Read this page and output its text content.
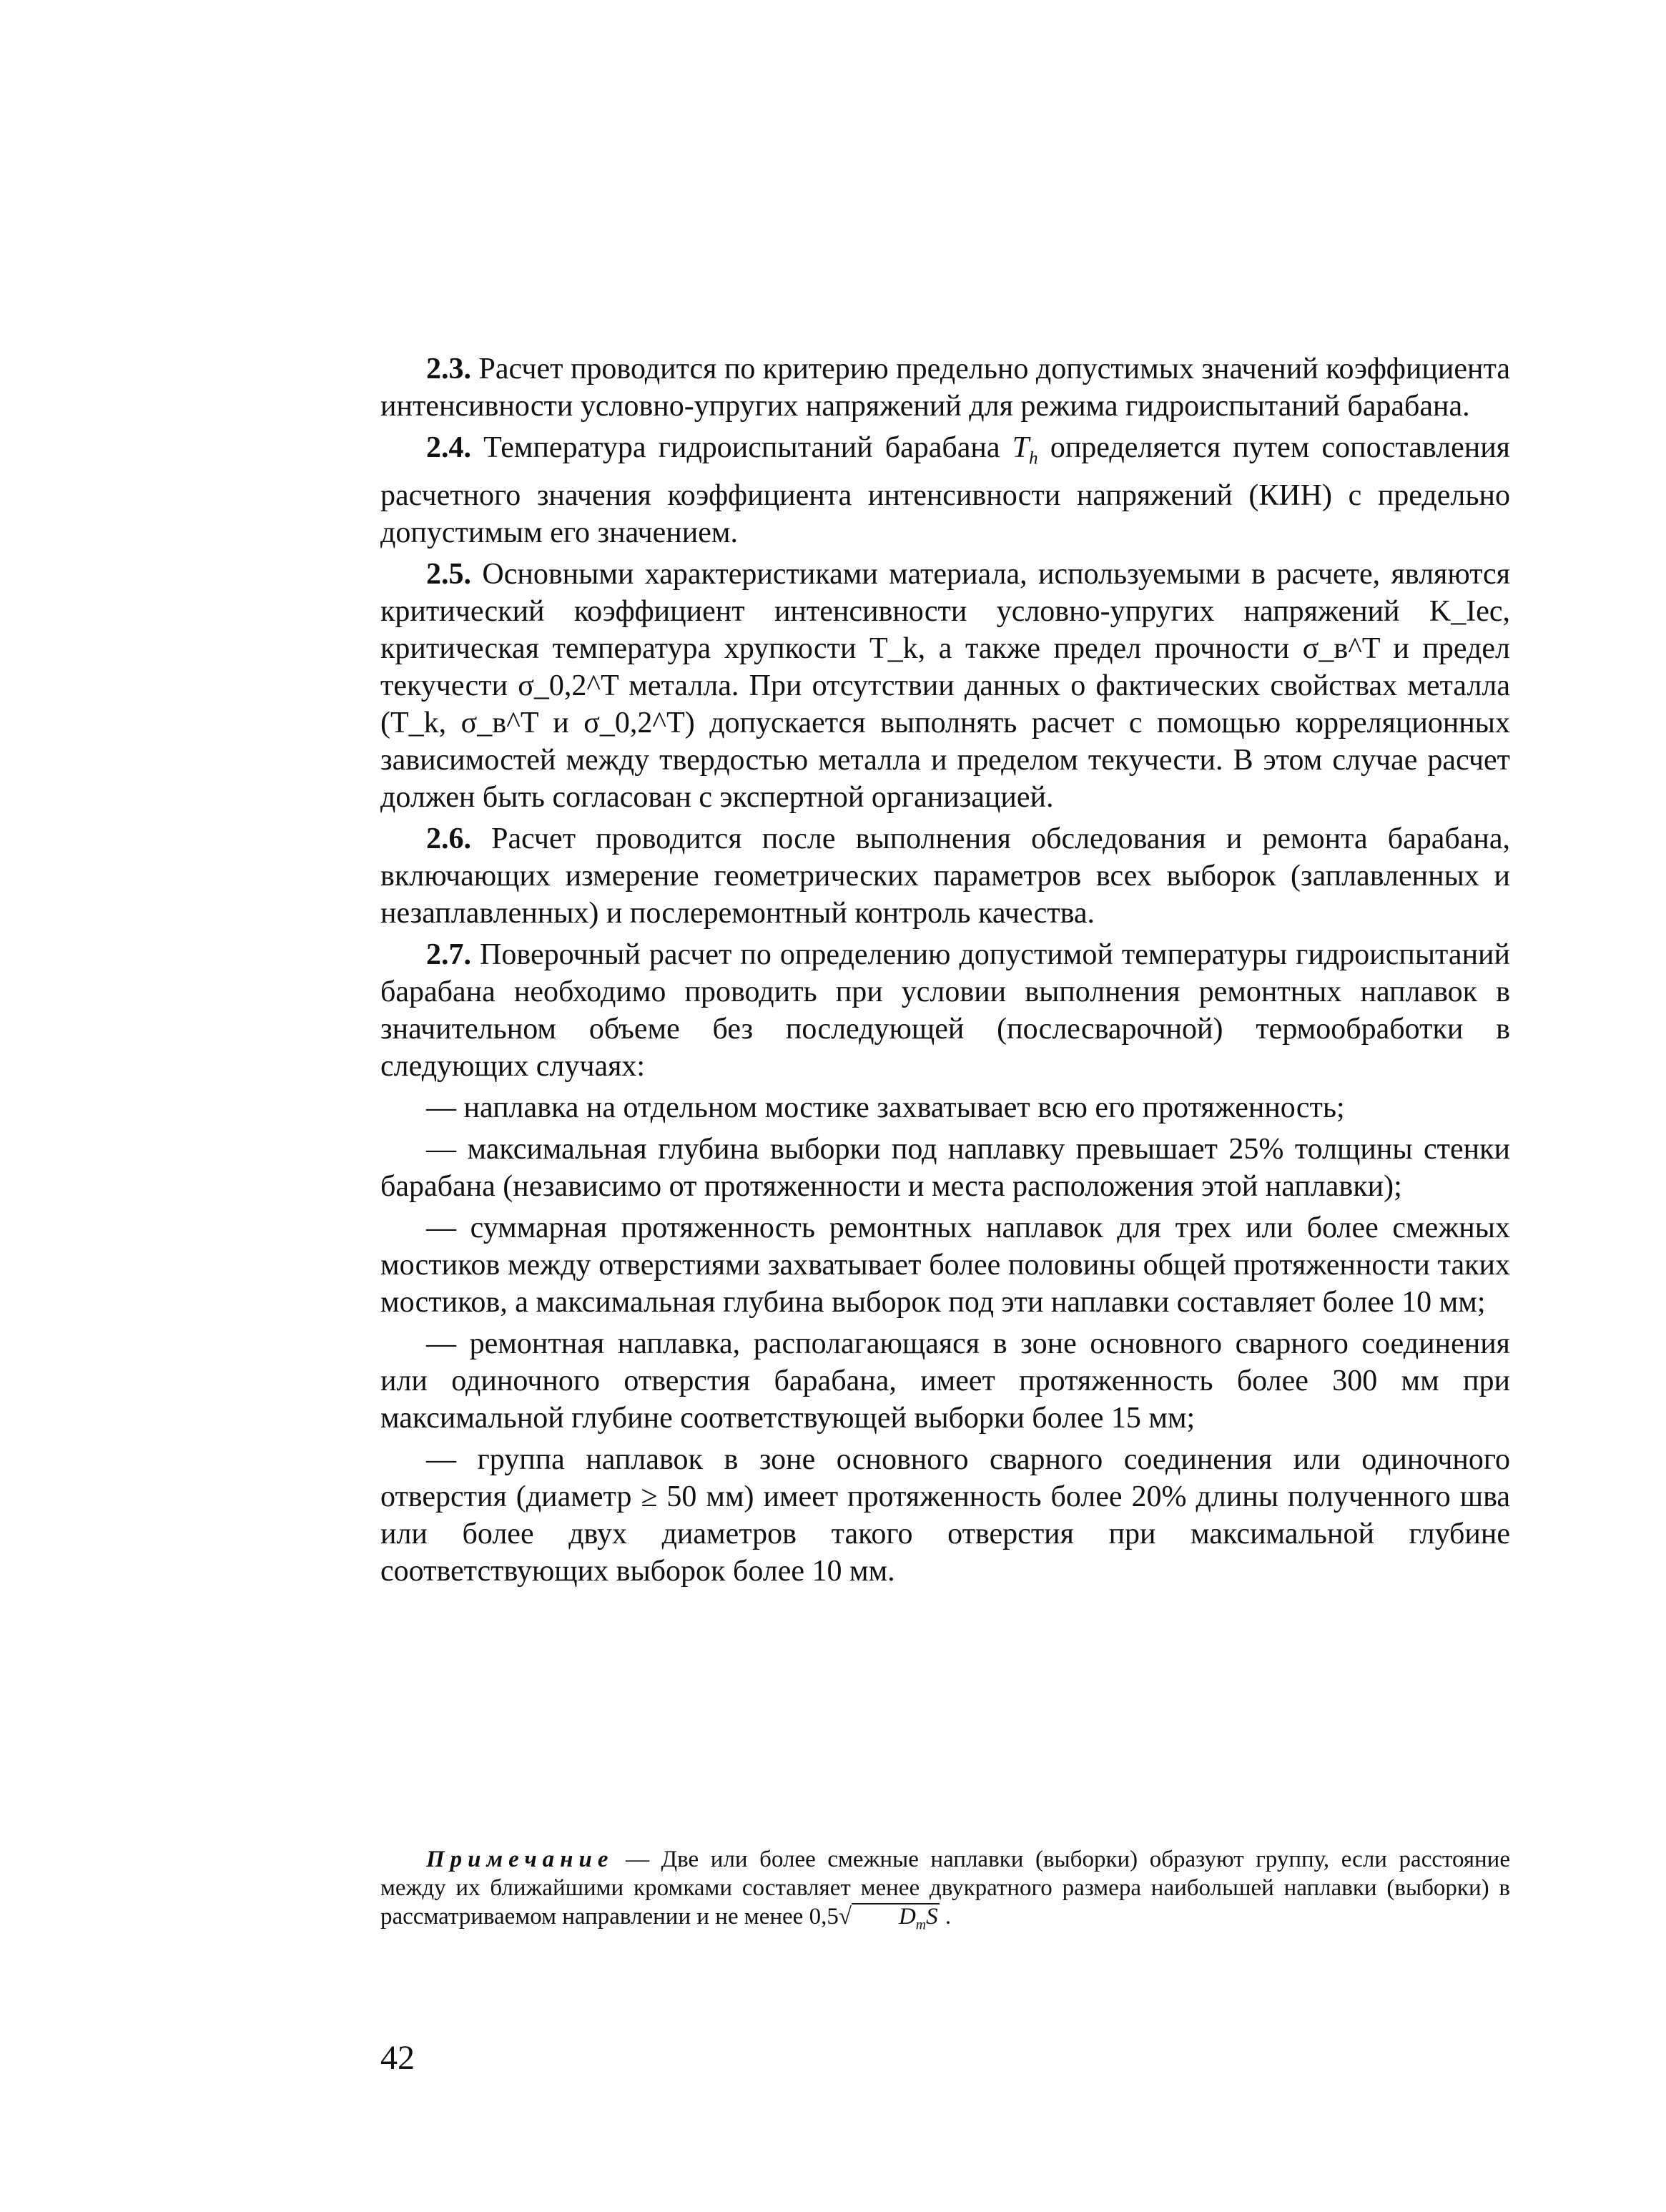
2.3. Расчет проводится по критерию предельно допустимых значений коэффициента интенсивности условно-упругих напряжений для режима гидроиспытаний барабана.

2.4. Температура гидроиспытаний барабана $T_h$ определяется путем сопоставления расчетного значения коэффициента интенсивности напряжений (КИН) с предельно допустимым его значением.

2.5. Основными характеристиками материала, используемыми в расчете, являются критический коэффициент интенсивности условно-упругих напряжений K_Iec, критическая температура хрупкости T_k, а также предел прочности σ_в^T и предел текучести σ_0,2^T металла. При отсутствии данных о фактических свойствах металла (T_k, σ_в^T и σ_0,2^T) допускается выполнять расчет с помощью корреляционных зависимостей между твердостью металла и пределом текучести. В этом случае расчет должен быть согласован с экспертной организацией.

2.6. Расчет проводится после выполнения обследования и ремонта барабана, включающих измерение геометрических параметров всех выборок (заплавленных и незаплавленных) и послеремонтный контроль качества.

2.7. Поверочный расчет по определению допустимой температуры гидроиспытаний барабана необходимо проводить при условии выполнения ремонтных наплавок в значительном объеме без последующей (послесварочной) термообработки в следующих случаях:

— наплавка на отдельном мостике захватывает всю его протяженность;

— максимальная глубина выборки под наплавку превышает 25% толщины стенки барабана (независимо от протяженности и места расположения этой наплавки);

— суммарная протяженность ремонтных наплавок для трех или более смежных мостиков между отверстиями захватывает более половины общей протяженности таких мостиков, а максимальная глубина выборок под эти наплавки составляет более 10 мм;

— ремонтная наплавка, располагающаяся в зоне основного сварного соединения или одиночного отверстия барабана, имеет протяженность более 300 мм при максимальной глубине соответствующей выборки более 15 мм;

— группа наплавок в зоне основного сварного соединения или одиночного отверстия (диаметр ≥ 50 мм) имеет протяженность более 20% длины полученного шва или более двух диаметров такого отверстия при максимальной глубине соответствующих выборок более 10 мм.

Примечание — Две или более смежные наплавки (выборки) образуют группу, если расстояние между их ближайшими кромками составляет менее двукратного размера наибольшей наплавки (выборки) в рассматриваемом направлении и не менее 0,5√ $D_mS$ .
42
